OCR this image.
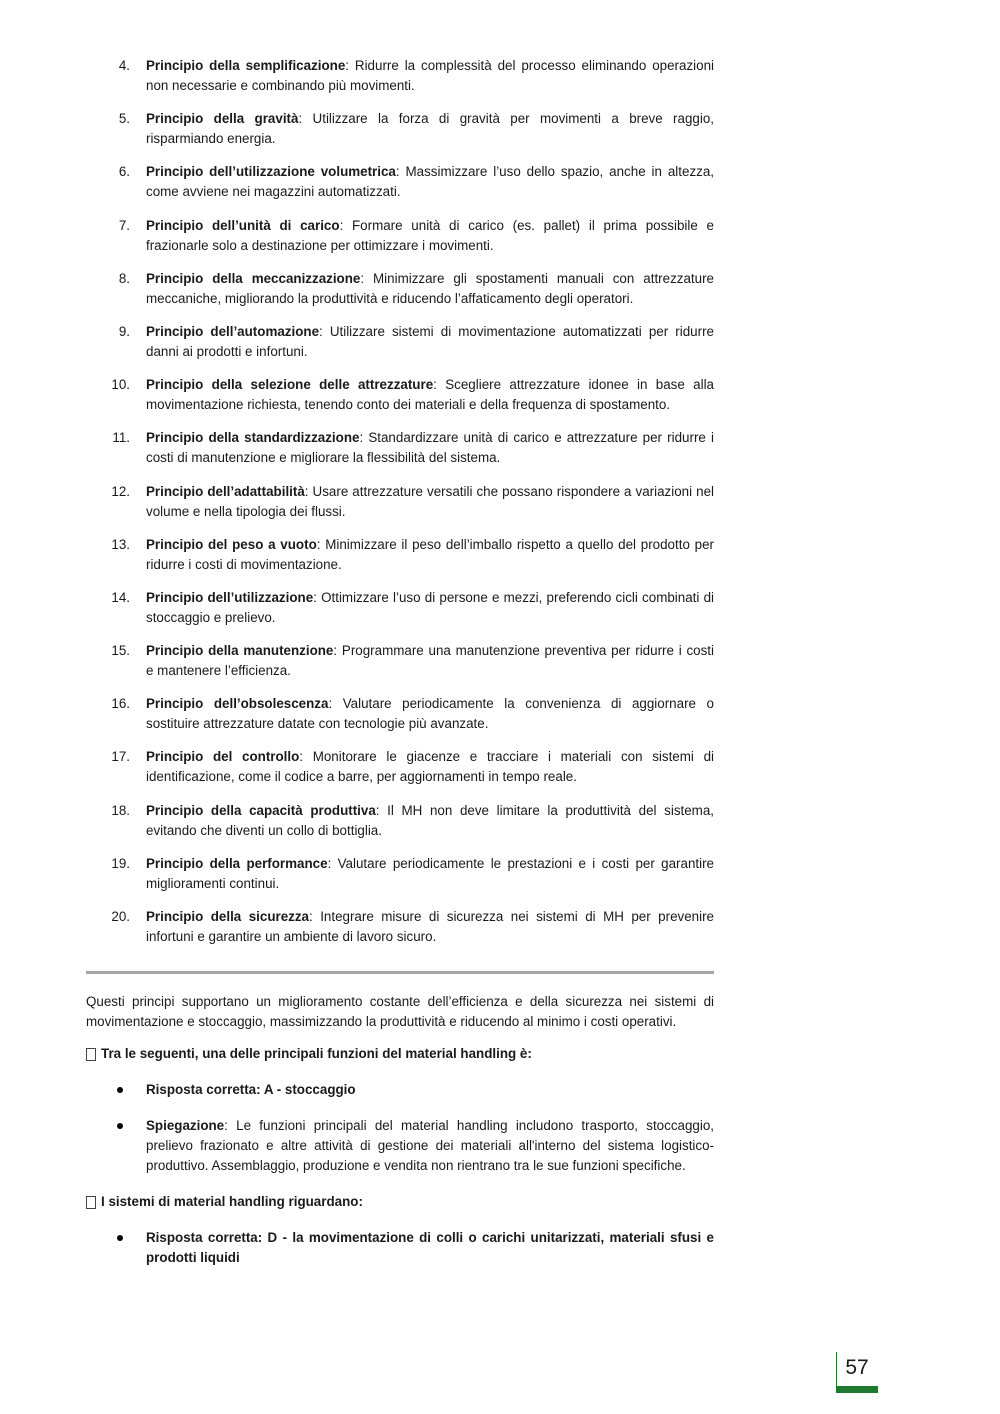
4.	Principio della semplificazione: Ridurre la complessità del processo eliminando operazioni non necessarie e combinando più movimenti.
5.	Principio della gravità: Utilizzare la forza di gravità per movimenti a breve raggio, risparmiando energia.
6.	Principio dell’utilizzazione volumetrica: Massimizzare l’uso dello spazio, anche in altezza, come avviene nei magazzini automatizzati.
7.	Principio dell’unità di carico: Formare unità di carico (es. pallet) il prima possibile e frazionarle solo a destinazione per ottimizzare i movimenti.
8.	Principio della meccanizzazione: Minimizzare gli spostamenti manuali con attrezzature meccaniche, migliorando la produttività e riducendo l’affaticamento degli operatori.
9.	Principio dell’automazione: Utilizzare sistemi di movimentazione automatizzati per ridurre danni ai prodotti e infortuni.
10.	Principio della selezione delle attrezzature: Scegliere attrezzature idonee in base alla movimentazione richiesta, tenendo conto dei materiali e della frequenza di spostamento.
11.	Principio della standardizzazione: Standardizzare unità di carico e attrezzature per ridurre i costi di manutenzione e migliorare la flessibilità del sistema.
12.	Principio dell’adattabilità: Usare attrezzature versatili che possano rispondere a variazioni nel volume e nella tipologia dei flussi.
13.	Principio del peso a vuoto: Minimizzare il peso dell’imballo rispetto a quello del prodotto per ridurre i costi di movimentazione.
14.	Principio dell’utilizzazione: Ottimizzare l’uso di persone e mezzi, preferendo cicli combinati di stoccaggio e prelievo.
15.	Principio della manutenzione: Programmare una manutenzione preventiva per ridurre i costi e mantenere l’efficienza.
16.	Principio dell’obsolescenza: Valutare periodicamente la convenienza di aggiornare o sostituire attrezzature datate con tecnologie più avanzate.
17.	Principio del controllo: Monitorare le giacenze e tracciare i materiali con sistemi di identificazione, come il codice a barre, per aggiornamenti in tempo reale.
18.	Principio della capacità produttiva: Il MH non deve limitare la produttività del sistema, evitando che diventi un collo di bottiglia.
19.	Principio della performance: Valutare periodicamente le prestazioni e i costi per garantire miglioramenti continui.
20.	Principio della sicurezza: Integrare misure di sicurezza nei sistemi di MH per prevenire infortuni e garantire un ambiente di lavoro sicuro.

Questi principi supportano un miglioramento costante dell’efficienza e della sicurezza nei sistemi di movimentazione e stoccaggio, massimizzando la produttività e riducendo al minimo i costi operativi.

Tra le seguenti, una delle principali funzioni del material handling è:
Risposta corretta: A - stoccaggio
Spiegazione: Le funzioni principali del material handling includono trasporto, stoccaggio, prelievo frazionato e altre attività di gestione dei materiali all'interno del sistema logistico-produttivo. Assemblaggio, produzione e vendita non rientrano tra le sue funzioni specifiche.
I sistemi di material handling riguardano:
Risposta corretta: D - la movimentazione di colli o carichi unitarizzati, materiali sfusi e prodotti liquidi
57
